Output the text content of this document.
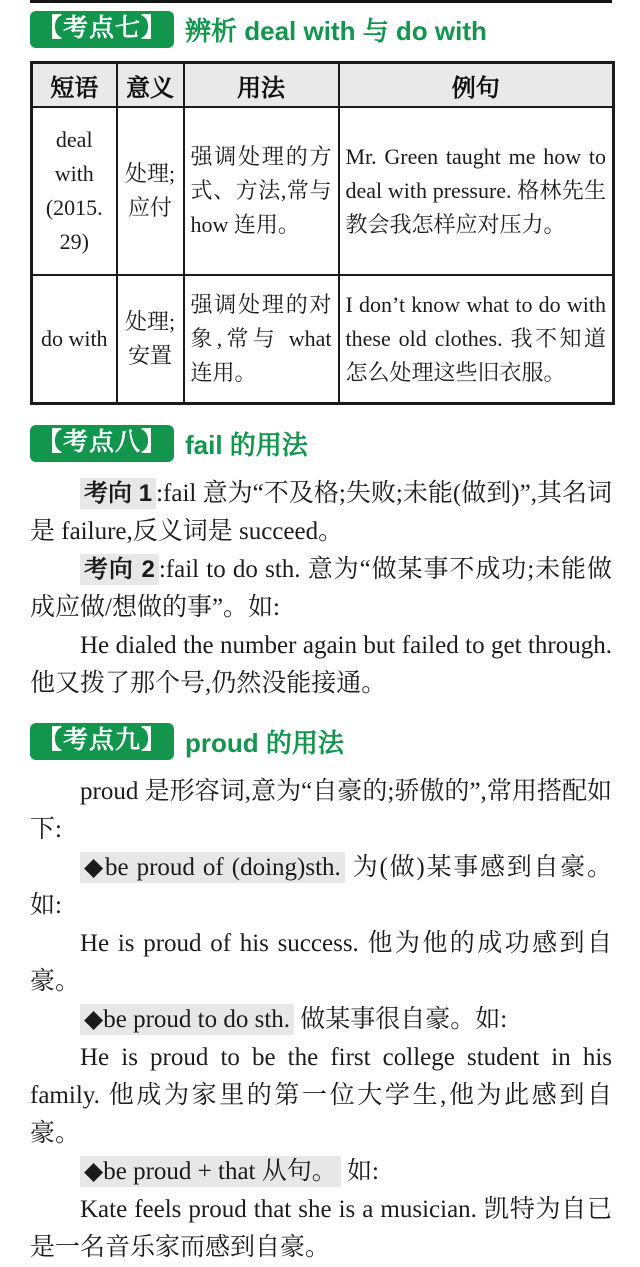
【考点七】 辨析 deal with 与 do with
短语	意义	用法	例句
deal with (2015. 29)	处理;应付	强调处理的方式、方法,常与 how 连用。	Mr. Green taught me how to deal with pressure. 格林先生教会我怎样应对压力。
do with	处理;安置	强调处理的对象,常与 what 连用。	I don’t know what to do with these old clothes. 我不知道怎么处理这些旧衣服。
【考点八】 fail 的用法

考向 1 :fail 意为“不及格;失败;未能(做到)”,其名词是 failure,反义词是 succeed。

考向 2 :fail to do sth. 意为“做某事不成功;未能做成应做/想做的事”。如:

He dialed the number again but failed to get through. 他又拨了那个号,仍然没能接通。

【考点九】 proud 的用法

proud 是形容词,意为“自豪的;骄傲的”,常用搭配如下:

◆be proud of (doing)sth. 为(做)某事感到自豪。如:

He is proud of his success. 他为他的成功感到自豪。

◆be proud to do sth. 做某事很自豪。如:

He is proud to be the first college student in his family. 他成为家里的第一位大学生,他为此感到自豪。

◆be proud + that 从句。 如:

Kate feels proud that she is a musician. 凯特为自已是一名音乐家而感到自豪。
